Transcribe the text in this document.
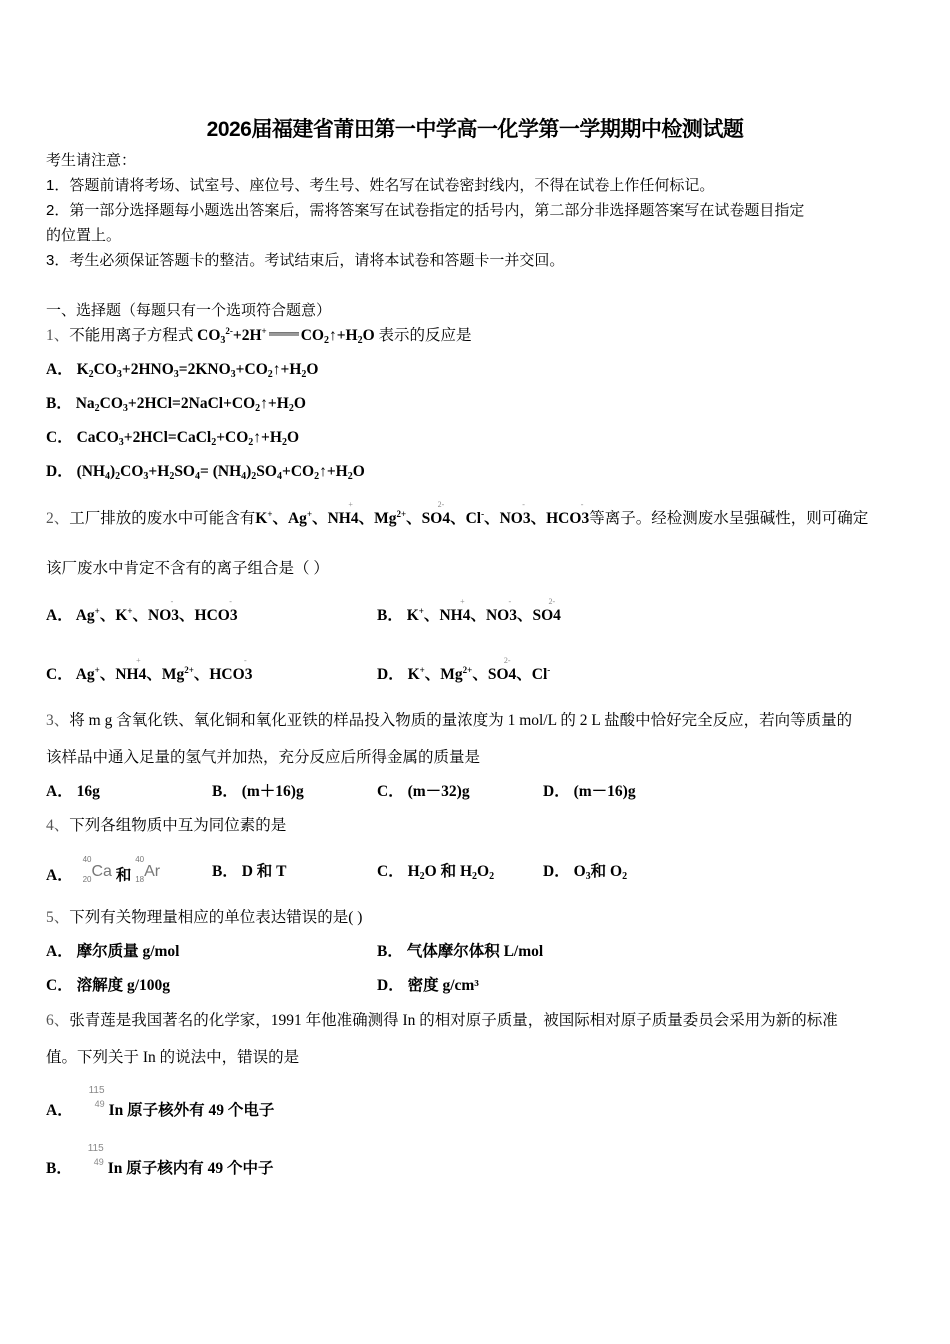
2026届福建省莆田第一中学高一化学第一学期期中检测试题
考生请注意：
1．答题前请将考场、试室号、座位号、考生号、姓名写在试卷密封线内，不得在试卷上作任何标记。
2．第一部分选择题每小题选出答案后，需将答案写在试卷指定的括号内，第二部分非选择题答案写在试卷题目指定
的位置上。
3．考生必须保证答题卡的整洁。考试结束后，请将本试卷和答题卡一并交回。
一、选择题（每题只有一个选项符合题意）
1、不能用离子方程式 $CO_3^{2-}+2H^+$ $CO_2↑+H_2O$ 表示的反应是
A． $K_2CO_3+2HNO_3=2KNO_3+CO_2↑+H_2O$
B． $Na_2CO_3+2HCl=2NaCl+CO_2↑+H_2O$
C． $CaCO_3+2HCl=CaCl_2+CO_2↑+H_2O$
D． $(NH_4)_2CO_3+H_2SO_4=$ $(NH_4)_2SO_4+CO_2↑+H_2O$
2、工厂排放的废水中可能含有K+、Ag+、NH
+
4、$Mg^{2+}$、SO
2-
4、Cl-、NO
-
3、HCO
-
3等离子。经检测废水呈强碱性，则可确定
该厂废水中肯定不含有的离子组合是（ ）
A． Ag+、K+、NO
-
3、HCO
-
3	B． K+、NH
+
4、NO
-
3、SO
2-
4
C． Ag+、NH
+
4、$Mg^{2+}$、HCO
-
3	D． K+、$Mg^{2+}$、SO
2-
4、Cl-
3、将 m g 含氧化铁、氧化铜和氧化亚铁的样品投入物质的量浓度为 1 mol/L 的 2 L 盐酸中恰好完全反应，若向等质量的
该样品中通入足量的氢气并加热，充分反应后所得金属的质量是
A． 16g	B． (m＋16)g	C． (m－32)g	D． (m－16)g
4、下列各组物质中互为同位素的是
A．
40
20Ca 和
40
18Ar	B． D 和 T	C． $H_2O$ 和 $H_2O_2$	D． $O_3$和 $O_2$
5、下列有关物理量相应的单位表达错误的是( )
A． 摩尔质量 g/mol	B． 气体摩尔体积 L/mol
C． 溶解度 g/100g	D． 密度 g/cm³
6、张青莲是我国著名的化学家，1991 年他准确测得 In 的相对原子质量，被国际相对原子质量委员会采用为新的标准
值。下列关于 In 的说法中，错误的是
A．
115
49 In 原子核外有 49 个电子
B．
115
49 In 原子核内有 49 个中子
